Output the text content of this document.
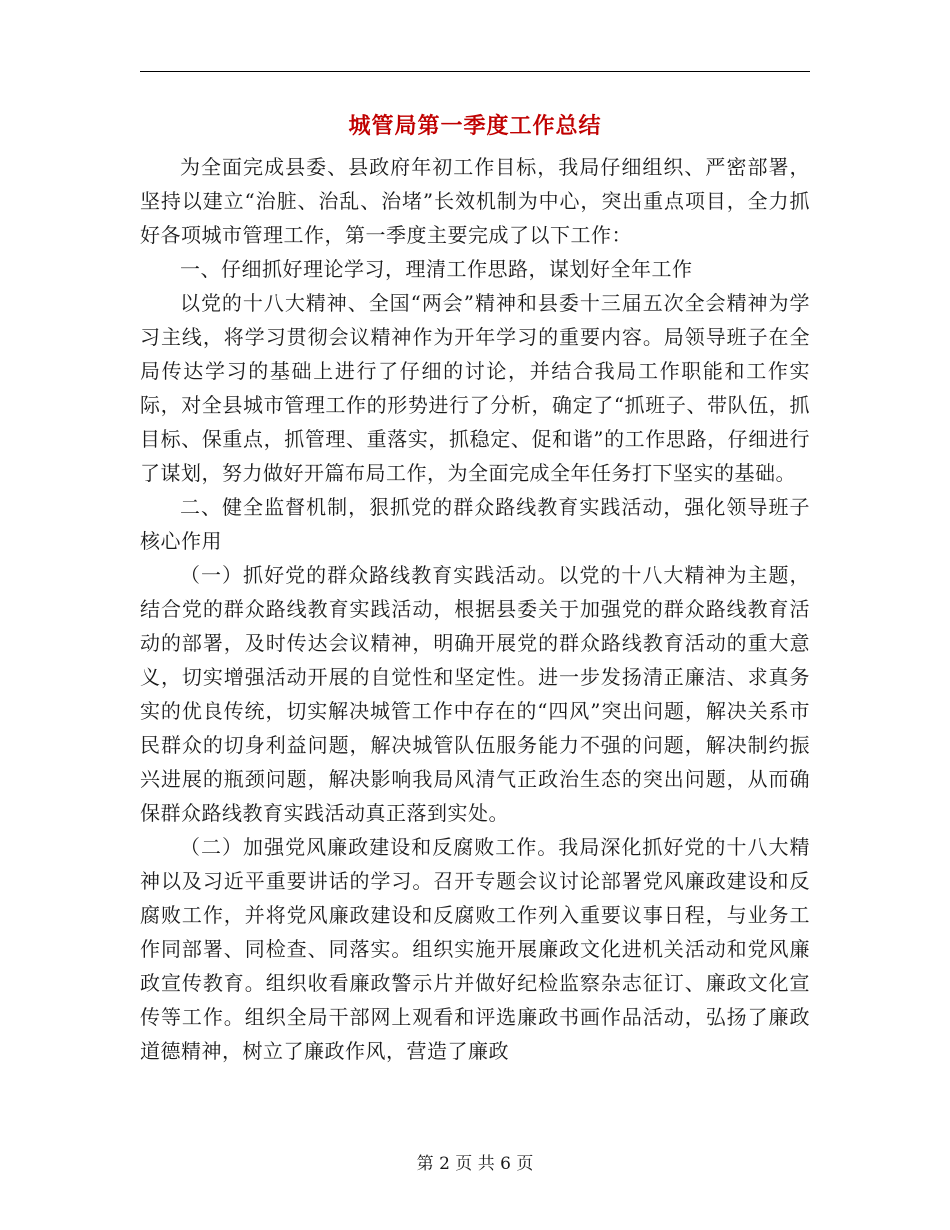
城管局第一季度工作总结

为全面完成县委、县政府年初工作目标，我局仔细组织、严密部署，坚持以建立“治脏、治乱、治堵”长效机制为中心，突出重点项目，全力抓好各项城市管理工作，第一季度主要完成了以下工作：

一、仔细抓好理论学习，理清工作思路，谋划好全年工作

以党的十八大精神、全国“两会”精神和县委十三届五次全会精神为学习主线，将学习贯彻会议精神作为开年学习的重要内容。局领导班子在全局传达学习的基础上进行了仔细的讨论，并结合我局工作职能和工作实际，对全县城市管理工作的形势进行了分析，确定了“抓班子、带队伍，抓目标、保重点，抓管理、重落实，抓稳定、促和谐”的工作思路，仔细进行了谋划，努力做好开篇布局工作，为全面完成全年任务打下坚实的基础。

二、健全监督机制，狠抓党的群众路线教育实践活动，强化领导班子核心作用

（一）抓好党的群众路线教育实践活动。以党的十八大精神为主题，结合党的群众路线教育实践活动，根据县委关于加强党的群众路线教育活动的部署，及时传达会议精神，明确开展党的群众路线教育活动的重大意义，切实增强活动开展的自觉性和坚定性。进一步发扬清正廉洁、求真务实的优良传统，切实解决城管工作中存在的“四风”突出问题，解决关系市民群众的切身利益问题，解决城管队伍服务能力不强的问题，解决制约振兴进展的瓶颈问题，解决影响我局风清气正政治生态的突出问题，从而确保群众路线教育实践活动真正落到实处。

（二）加强党风廉政建设和反腐败工作。我局深化抓好党的十八大精神以及习近平重要讲话的学习。召开专题会议讨论部署党风廉政建设和反腐败工作，并将党风廉政建设和反腐败工作列入重要议事日程，与业务工作同部署、同检查、同落实。组织实施开展廉政文化进机关活动和党风廉政宣传教育。组织收看廉政警示片并做好纪检监察杂志征订、廉政文化宣传等工作。组织全局干部网上观看和评选廉政书画作品活动，弘扬了廉政道德精神，树立了廉政作风，营造了廉政

第 2 页 共 6 页
